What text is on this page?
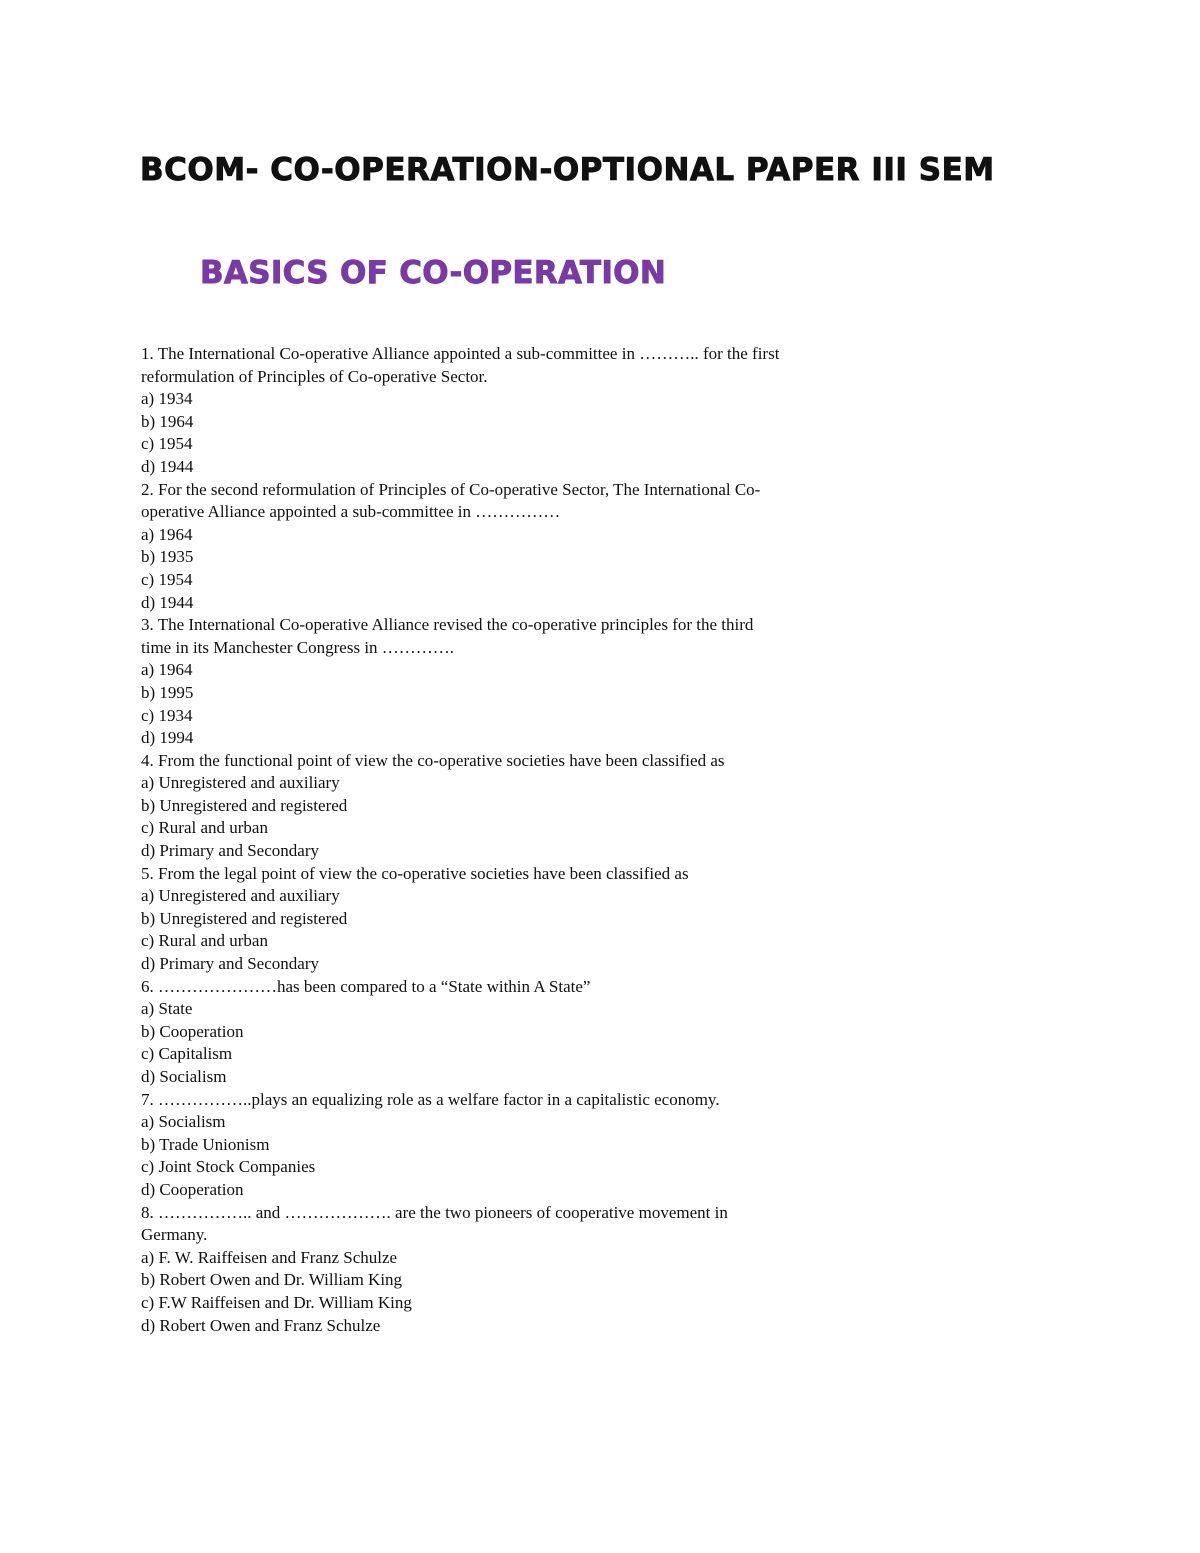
BCOM- CO-OPERATION-OPTIONAL PAPER III SEM
BASICS OF CO-OPERATION

1. The International Co-operative Alliance appointed a sub-committee in ……….. for the first reformulation of Principles of Co-operative Sector.

a) 1934

b) 1964

c) 1954

d) 1944

2. For the second reformulation of Principles of Co-operative Sector, The International Co-operative Alliance appointed a sub-committee in ……………

a) 1964

b) 1935

c) 1954

d) 1944

3. The International Co-operative Alliance revised the co-operative principles for the third time in its Manchester Congress in ………….

a) 1964

b) 1995

c) 1934

d) 1994

4. From the functional point of view the co-operative societies have been classified as

a) Unregistered and auxiliary

b) Unregistered and registered

c) Rural and urban

d) Primary and Secondary

5. From the legal point of view the co-operative societies have been classified as

a) Unregistered and auxiliary

b) Unregistered and registered

c) Rural and urban

d) Primary and Secondary

6. …………………has been compared to a “State within A State”

a) State

b) Cooperation

c) Capitalism

d) Socialism

7. ……………..plays an equalizing role as a welfare factor in a capitalistic economy.

a) Socialism

b) Trade Unionism

c) Joint Stock Companies

d) Cooperation

8. …………….. and ………………. are the two pioneers of cooperative movement in Germany.

a) F. W. Raiffeisen and Franz Schulze

b) Robert Owen and Dr. William King

c) F.W Raiffeisen and Dr. William King

d) Robert Owen and Franz Schulze
